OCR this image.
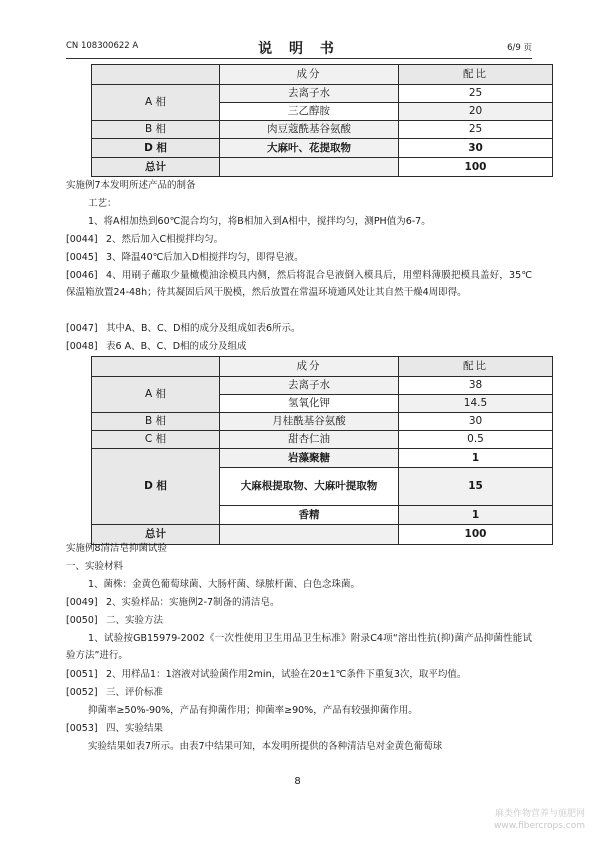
CN 108300622 A	说 明 书	6/9 页
	成分	配比
A 相	去离子水	25
	三乙醇胺	20
B 相	肉豆蔻酰基谷氨酸	25
D 相	大麻叶、花提取物	30
总计		100
实施例7本发明所述产品的制备
工艺：
1、将A相加热到60℃混合均匀，将B相加入到A相中，搅拌均匀，测PH值为6-7。
[0044] 2、然后加入C相搅拌均匀。
[0045] 3、降温40℃后加入D相搅拌均匀，即得皂液。
[0046] 4、用刷子蘸取少量橄榄油涂模具内侧，然后将混合皂液倒入模具后，用塑料薄膜把模具盖好，35℃保温箱放置24-48h；待其凝固后风干脱模，然后放置在常温环境通风处让其自然干燥4周即得。
[0047] 其中A、B、C、D相的成分及组成如表6所示。
[0048] 表6 A、B、C、D相的成分及组成
	成分	配比
A 相	去离子水	38
	氢氧化钾	14.5
B 相	月桂酰基谷氨酸	30
C 相	甜杏仁油	0.5
D 相	岩藻聚糖	1
	大麻根提取物、大麻叶提取物	15
	香精	1
总计		100
实施例8清洁皂抑菌试验
一、实验材料
1、菌株：金黄色葡萄球菌、大肠杆菌、绿脓杆菌、白色念珠菌。
[0049] 2、实验样品：实施例2-7制备的清洁皂。
[0050] 二、实验方法
1、试验按GB15979-2002《一次性使用卫生用品卫生标准》附录C4项“溶出性抗(抑)菌产品抑菌性能试验方法”进行。
[0051] 2、用样品1：1溶液对试验菌作用2min，试验在20±1℃条件下重复3次，取平均值。
[0052] 三、评价标准
抑菌率≥50%-90%，产品有抑菌作用；抑菌率≥90%，产品有较强抑菌作用。
[0053] 四、实验结果
实验结果如表7所示。由表7中结果可知，本发明所提供的各种清洁皂对金黄色葡萄球
8
麻类作物营养与施肥网
www.fibercrops.com
